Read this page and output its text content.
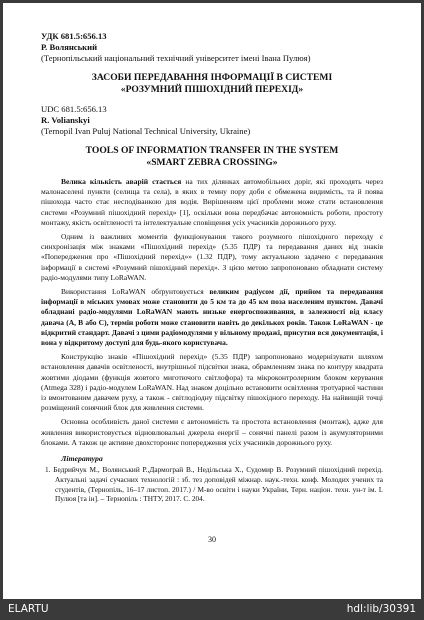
УДК 681.5:656.13

Р. Волянський

(Тернопільський національний технічний університет імені Івана Пулюя)

ЗАСОБИ ПЕРЕДАВАННЯ ІНФОРМАЦІЇ В СИСТЕМІ

«РОЗУМНИЙ ПІШОХІДНИЙ ПЕРЕХІД»

UDC 681.5:656.13

R. Volianskyi

(Ternopil Ivan Puluj National Technical University, Ukraine)

TOOLS OF INFORMATION TRANSFER IN THE SYSTEM

«SMART ZEBRA CROSSING»

Велика кількість аварій стається на тих ділянках автомобільних доріг, які проходять через малонаселені пункти (селища та села), в яких в темну пору доби є обмежена видимість, та й поява пішохода часто стає несподіванкою для водія. Вирішенням цієї проблеми може стати встановлення системи «Розумний пішохідний перехід» [1], оскільки вона передбачає автономність роботи, простоту монтажу, якість освітленості та інтелектуальне сповіщення усіх учасників дорожнього руху.

Одним із важливих моментів функціонування такого розумного пішохідного переходу є синхронізація між знаками «Пішохідний перехід» (5.35 ПДР) та передавання даних від знаків «Попередження про «Пішохідний перехід»» (1.32 ПДР), тому актуальною задачею є передавання інформації в системі «Розумний пішохідний перехід». З цією метою запропоновано обладнати систему радіо-модулями типу LoRaWAN.

Використання LoRaWAN обґрунтовується великим радіусом дії, прийом та передавання інформації в міських умовах може становити до 5 км та до 45 км поза населеним пунктом. Давачі обладнані радіо-модулями LoRaWAN мають низьке енергоспоживання, в залежності від класу давача (A, B або C), термін роботи може становити навіть до декількох років. Також LoRaWAN - це відкритий стандарт. Давачі з цими радіомодулями у вільному продажі, присутня вся документація, і вона у відкритому доступі для будь-якого користувача.

Конструкцію знаків «Пішохідний перехід» (5.35 ПДР) запропоновано модернізувати шляхом встановлення давачів освітленості, внутрішньої підсвітки знака, обрамленням знака по контуру квадрата жовтими діодами (функція жовтого миготючого світлофора) та мікроконтролерним блоком керування (Atmega 328) і радіо-модулем LoRaWAN. Над знаком доцільно встановити освітлення тротуарної частини із вмонтованим давачем руху, а також - світлодіодну підсвітку пішохідного переходу. На найвищій точці розміщений сонячний блок для живлення системи.

Основна особливість даної системи є автономність та простота встановлення (монтаж), адже для живлення використовується відновлювальні джерела енергії – сонячні панелі разом із акумуляторними блоками. А також це активне двохстороннє попередження усіх учасників дорожнього руху.

Література

1. Бедрийчук М., Волянський Р.,Дармограй В., Недільська Х., Судомир В. Розумний пішохідний перехід. Актуальні задачі сучасних технологій : зб. тез доповідей міжнар. наук.-техн. конф. Молодих учених та студентів, (Тернопіль, 16–17 листоп. 2017.) / М-во освіти і науки України, Терн. націон. техн. ун-т ім. І. Пулюя [та ін]. – Тернопіль : ТНТУ, 2017. С. 204.

30
ELARTU	hdl:lib/30391
